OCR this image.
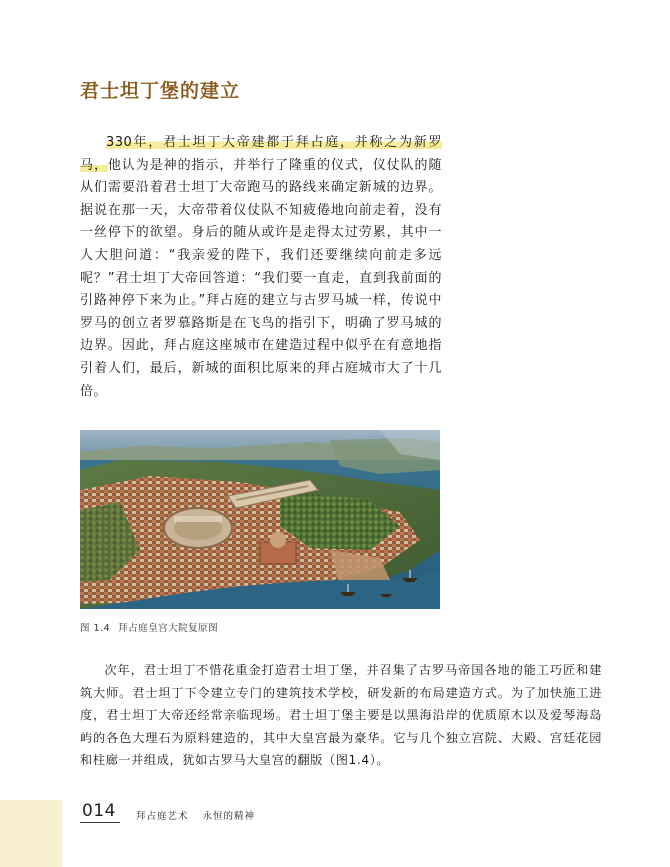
君士坦丁堡的建立

330年，君士坦丁大帝建都于拜占庭，并称之为新罗马，他认为是神的指示，并举行了隆重的仪式，仪仗队的随从们需要沿着君士坦丁大帝跑马的路线来确定新城的边界。据说在那一天，大帝带着仪仗队不知疲倦地向前走着，没有一丝停下的欲望。身后的随从或许是走得太过劳累，其中一人大胆问道：“我亲爱的陛下，我们还要继续向前走多远呢？”君士坦丁大帝回答道：“我们要一直走，直到我前面的引路神停下来为止。”拜占庭的建立与古罗马城一样，传说中罗马的创立者罗慕路斯是在飞鸟的指引下，明确了罗马城的边界。因此，拜占庭这座城市在建造过程中似乎在有意地指引着人们，最后，新城的面积比原来的拜占庭城市大了十几倍。

图 1.4 拜占庭皇宫大院复原图

次年，君士坦丁不惜花重金打造君士坦丁堡，并召集了古罗马帝国各地的能工巧匠和建筑大师。君士坦丁下令建立专门的建筑技术学校，研发新的布局建造方式。为了加快施工进度，君士坦丁大帝还经常亲临现场。君士坦丁堡主要是以黑海沿岸的优质原木以及爱琴海岛屿的各色大理石为原料建造的，其中大皇宫最为豪华。它与几个独立宫院、大殿、宫廷花园和柱廊一并组成，犹如古罗马大皇宫的翻版（图1.4）。

014 拜占庭艺术 永恒的精神
